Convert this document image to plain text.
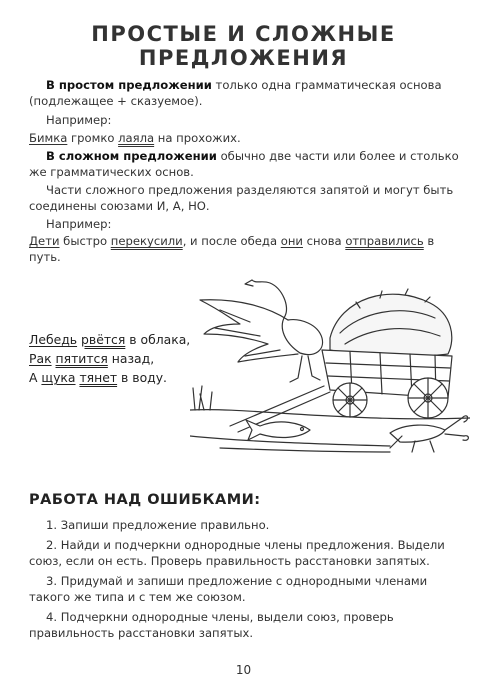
ПРОСТЫЕ И СЛОЖНЫЕ
ПРЕДЛОЖЕНИЯ
В простом предложении только одна грамматическая основа (подлежащее + сказуемое).
Например:
Бимка громко лаяла на прохожих.
В сложном предложении обычно две части или более и столько же грамматических основ.
Части сложного предложения разделяются запятой и могут быть соединены союзами И, А, НО.
Например:
Дети быстро перекусили, и после обеда они снова отправились в путь.
Лебедь рвётся в облака,
Рак пятится назад,
А щука тянет в воду.
РАБОТА НАД ОШИБКАМИ:
1. Запиши предложение правильно.
2. Найди и подчеркни однородные члены предложения. Выдели союз, если он есть. Проверь правильность расстановки запятых.
3. Придумай и запиши предложение с однородными членами такого же типа и с тем же союзом.
4. Подчеркни однородные члены, выдели союз, проверь правильность расстановки запятых.
10
